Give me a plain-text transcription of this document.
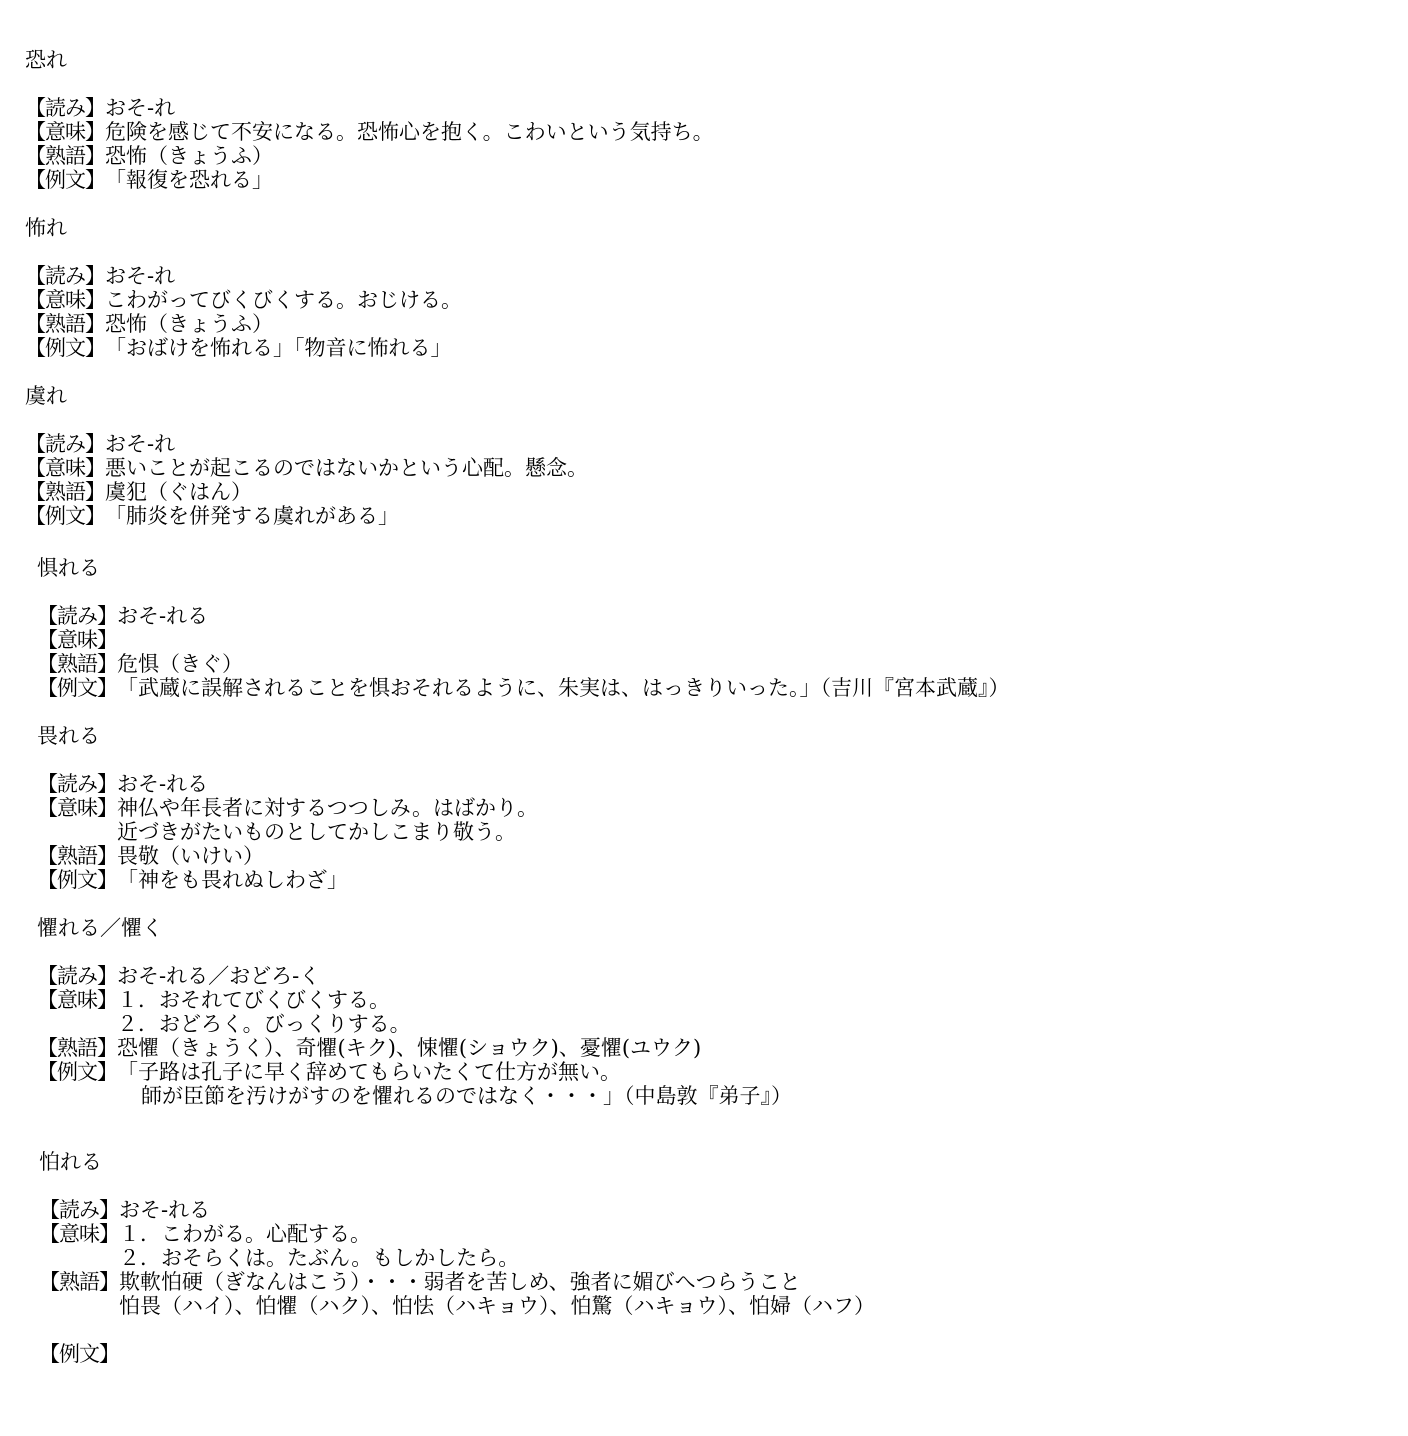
恐れ
【読み】 おそ‐れ
【意味】 危険を感じて不安になる。恐怖心を抱く。こわいという気持ち。
【熟語】 恐怖（きょうふ）
【例文】 「報復を恐れる」
怖れ
【読み】 おそ‐れ
【意味】 こわがってびくびくする。おじける。
【熟語】 恐怖（きょうふ）
【例文】 「おばけを怖れる」「物音に怖れる」
虞れ
【読み】 おそ‐れ
【意味】 悪いことが起こるのではないかという心配。懸念。
【熟語】 虞犯（ぐはん）
【例文】 「肺炎を併発する虞れがある」
惧れる
【読み】 おそ‐れる
【意味】
【熟語】 危惧（きぐ）
【例文】 「武蔵に誤解されることを惧おそれるように、朱実は、はっきりいった。」（吉川『宮本武蔵』）
畏れる
【読み】 おそ‐れる
【意味】 神仏や年長者に対するつつしみ。はばかり。
近づきがたいものとしてかしこまり敬う。
【熟語】 畏敬（いけい）
【例文】 「神をも畏れぬしわざ」
懼れる／懼く
【読み】 おそ‐れる／おどろ‐く
【意味】 １．おそれてびくびくする。
２．おどろく。びっくりする。
【熟語】 恐懼（きょうく）、奇懼(キク)、悚懼(ショウク)、憂懼(ユウク)
【例文】 「子路は孔子に早く辞めてもらいたくて仕方が無い。
師が臣節を汚けがすのを懼れるのではなく・・・」（中島敦『弟子』）
怕れる
【読み】 おそ‐れる
【意味】 １．こわがる。心配する。
２．おそらくは。たぶん。もしかしたら。
【熟語】 欺軟怕硬（ぎなんはこう）・・・弱者を苦しめ、強者に媚びへつらうこと
怕畏（ハイ）、怕懼（ハク）、怕怯（ハキョウ）、怕驚（ハキョウ）、怕婦（ハフ）
【例文】
